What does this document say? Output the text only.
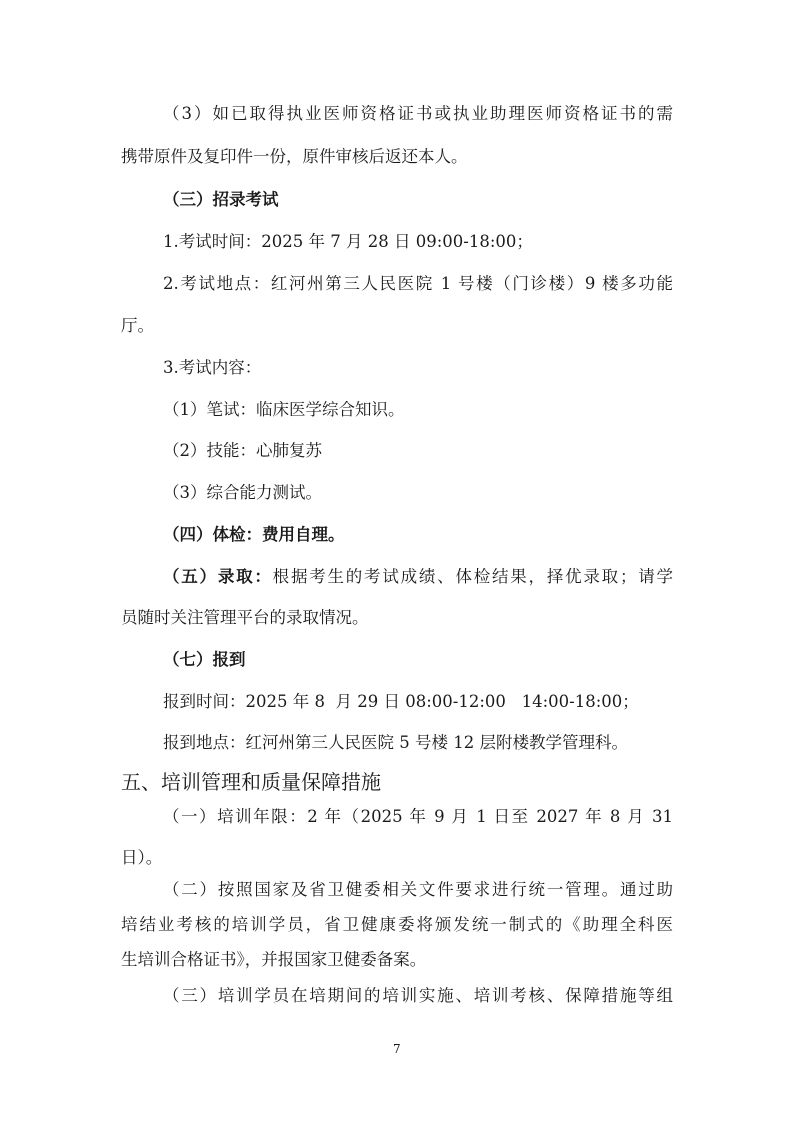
（3）如已取得执业医师资格证书或执业助理医师资格证书的需
携带原件及复印件一份，原件审核后返还本人。
（三）招录考试
1.考试时间：2025 年 7 月 28 日 09:00-18:00；
2.考试地点：红河州第三人民医院 1 号楼（门诊楼）9 楼多功能
厅。
3.考试内容：
（1）笔试：临床医学综合知识。
（2）技能：心肺复苏
（3）综合能力测试。
（四）体检：费用自理。
（五）录取：根据考生的考试成绩、体检结果，择优录取；请学
员随时关注管理平台的录取情况。
（七）报到
报到时间：2025 年 8  月 29 日 08:00-12:00   14:00-18:00；
报到地点：红河州第三人民医院 5 号楼 12 层附楼教学管理科。
五、培训管理和质量保障措施
（一）培训年限：2 年（2025 年 9 月 1 日至 2027 年 8 月 31
日）。
（二）按照国家及省卫健委相关文件要求进行统一管理。通过助
培结业考核的培训学员，省卫健康委将颁发统一制式的《助理全科医
生培训合格证书》，并报国家卫健委备案。
（三）培训学员在培期间的培训实施、培训考核、保障措施等组
7
